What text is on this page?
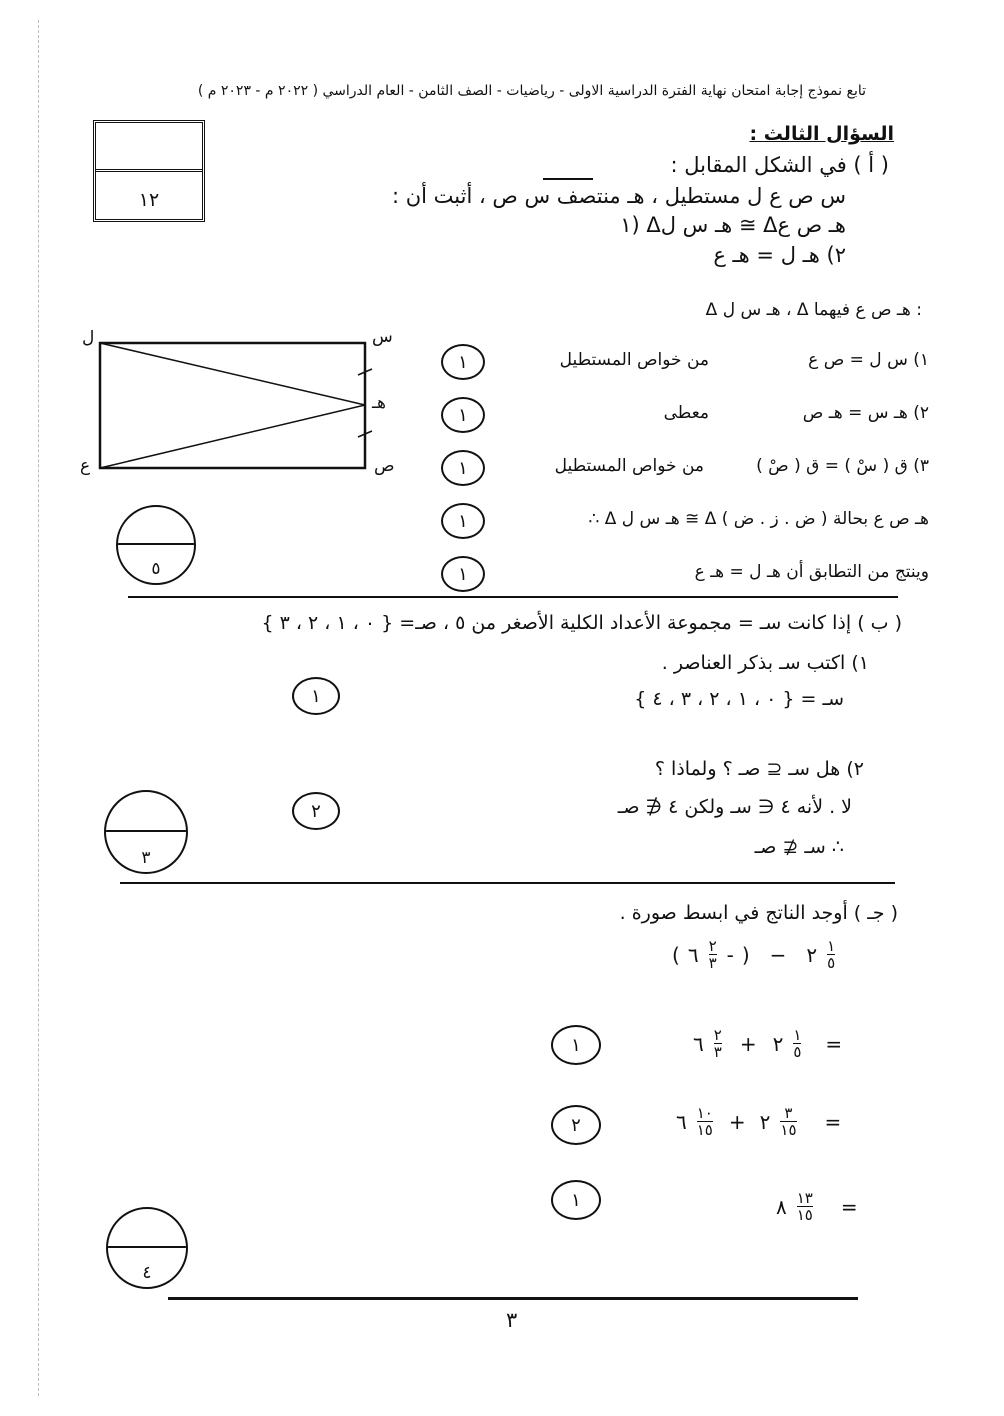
تابع نموذج إجابة امتحان نهاية الفترة الدراسية الاولى - رياضيات - الصف الثامن - العام الدراسي ( ٢٠٢٢ م - ٢٠٢٣ م )
١٢
السؤال الثالث :
( أ ) في الشكل المقابل :
س ص ع ل مستطيل ، هـ منتصف س ص ، أثبت أن :
١) Δهـ س ل ≅ Δهـ ص ع
٢) هـ ل = هـ ع
Δ هـ س ل ، Δ هـ ص ع فيهما :
س
ل
هـ
ص
ع
١) س ل = ص ع
من خواص المستطيل
١
٢) هـ س = هـ ص
معطى
١
٣) ق ( سْ ) = ق ( صْ )
من خواص المستطيل
١
∴ Δ هـ س ل ≅ Δ هـ ص ع بحالة ( ض . ز . ض )
١
وينتج من التطابق أن هـ ل = هـ ع
١
٥
( ب ) إذا كانت سـ = مجموعة الأعداد الكلية الأصغر من ٥ ، صـ= { ٠ ، ١ ، ٢ ، ٣ }
١) اكتب سـ بذكر العناصر .
سـ = { ٠ ، ١ ، ٢ ، ٣ ، ٤ }
١
٢) هل سـ ⊆ صـ ؟ ولماذا ؟
لا . لأنه ٤ ∈ سـ ولكن ٤ ∉ صـ
∴ سـ ⊈ صـ
٢
٣
( جـ ) أوجد الناتج في ابسط صورة .
( ٦ $\frac{٢}{٣}$ - ) − ٢ $\frac{١}{٥}$
٦ $\frac{٢}{٣}$ + ٢ $\frac{١}{٥}$ =
١
٦ $\frac{١٠}{١٥}$ + ٢ $\frac{٣}{١٥}$ =
٢
٨ $\frac{١٣}{١٥}$ =
١
٤
٣
